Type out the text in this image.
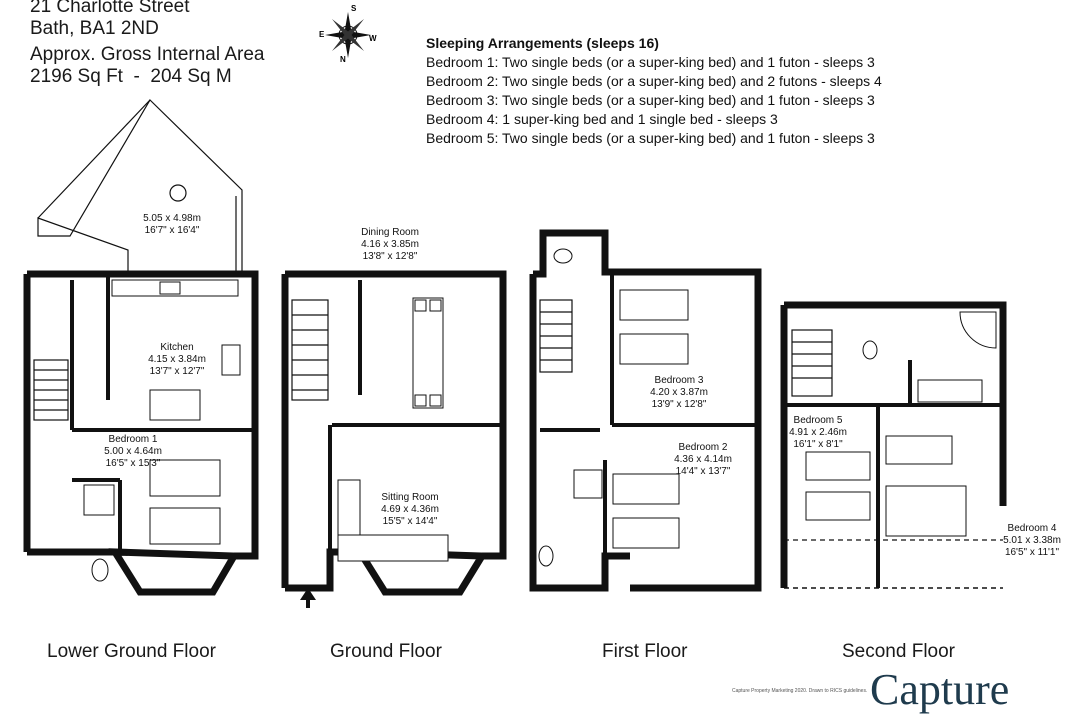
21 Charlotte Street
Bath, BA1 2ND
Approx. Gross Internal Area
2196 Sq Ft  -  204 Sq M
Sleeping Arrangements (sleeps 16)
Bedroom 1: Two single beds (or a super-king bed) and 1 futon - sleeps 3
Bedroom 2: Two single beds (or a super-king bed) and 2 futons - sleeps 4
Bedroom 3: Two single beds (or a super-king bed) and 1 futon - sleeps 3
Bedroom 4: 1 super-king bed and 1 single bed - sleeps 3
Bedroom 5: Two single beds (or a super-king bed) and 1 futon - sleeps 3
S
E	W
N
5.05 x 4.98m
16'7" x 16'4"
Kitchen
4.15 x 3.84m
13'7" x 12'7"
Bedroom 1
5.00 x 4.64m
16'5" x 15'3"
Dining Room
4.16 x 3.85m
13'8" x 12'8"
Sitting Room
4.69 x 4.36m
15'5" x 14'4"
Bedroom 3
4.20 x 3.87m
13'9" x 12'8"
Bedroom 2
4.36 x 4.14m
14'4" x 13'7"
Bedroom 5
4.91 x 2.46m
16'1" x 8'1"
Bedroom 4
5.01 x 3.38m
16'5" x 11'1"
Lower Ground Floor	Ground Floor	First Floor	Second Floor
Capture Property Marketing 2020. Drawn to RICS guidelines. Capture
